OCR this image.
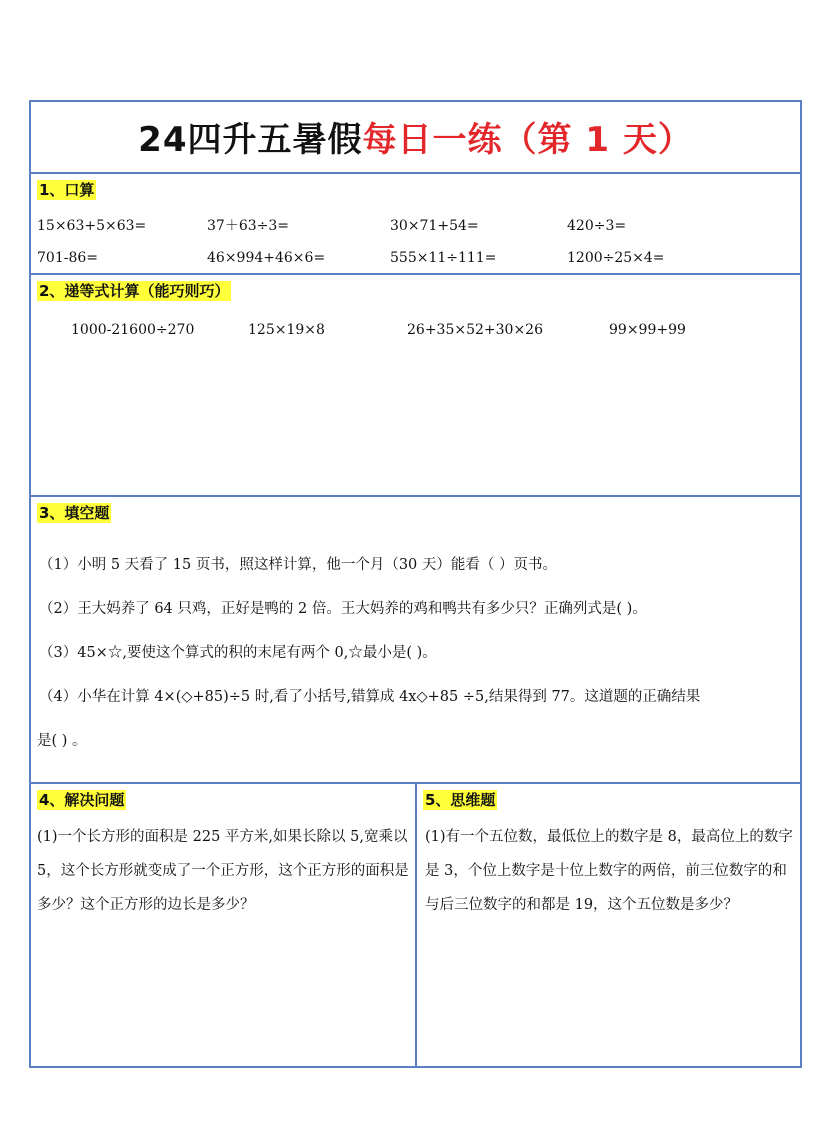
24四升五暑假每日一练（第 1 天）
1、口算
15×63+5×63=	37＋63÷3=	30×71+54=	420÷3=
701-86=	46×994+46×6=	555×11÷111=	1200÷25×4=
2、递等式计算（能巧则巧）
1000-21600÷270	125×19×8	26+35×52+30×26	99×99+99
3、填空题
（1）小明 5 天看了 15 页书，照这样计算，他一个月（30 天）能看（ ）页书。
（2）王大妈养了 64 只鸡，正好是鸭的 2 倍。王大妈养的鸡和鸭共有多少只？正确列式是( )。
（3）45×☆,要使这个算式的积的末尾有两个 0,☆最小是( )。
（4）小华在计算 4×(◇+85)÷5 时,看了小括号,错算成 4x◇+85 ÷5,结果得到 77。这道题的正确结果
是( ) 。
4、解决问题
(1)一个长方形的面积是 225 平方米,如果长除以 5,宽乘以 5，这个长方形就变成了一个正方形，这个正方形的面积是多少？这个正方形的边长是多少？
5、思维题
(1)有一个五位数，最低位上的数字是 8，最高位上的数字是 3，个位上数字是十位上数字的两倍，前三位数字的和与后三位数字的和都是 19，这个五位数是多少？
